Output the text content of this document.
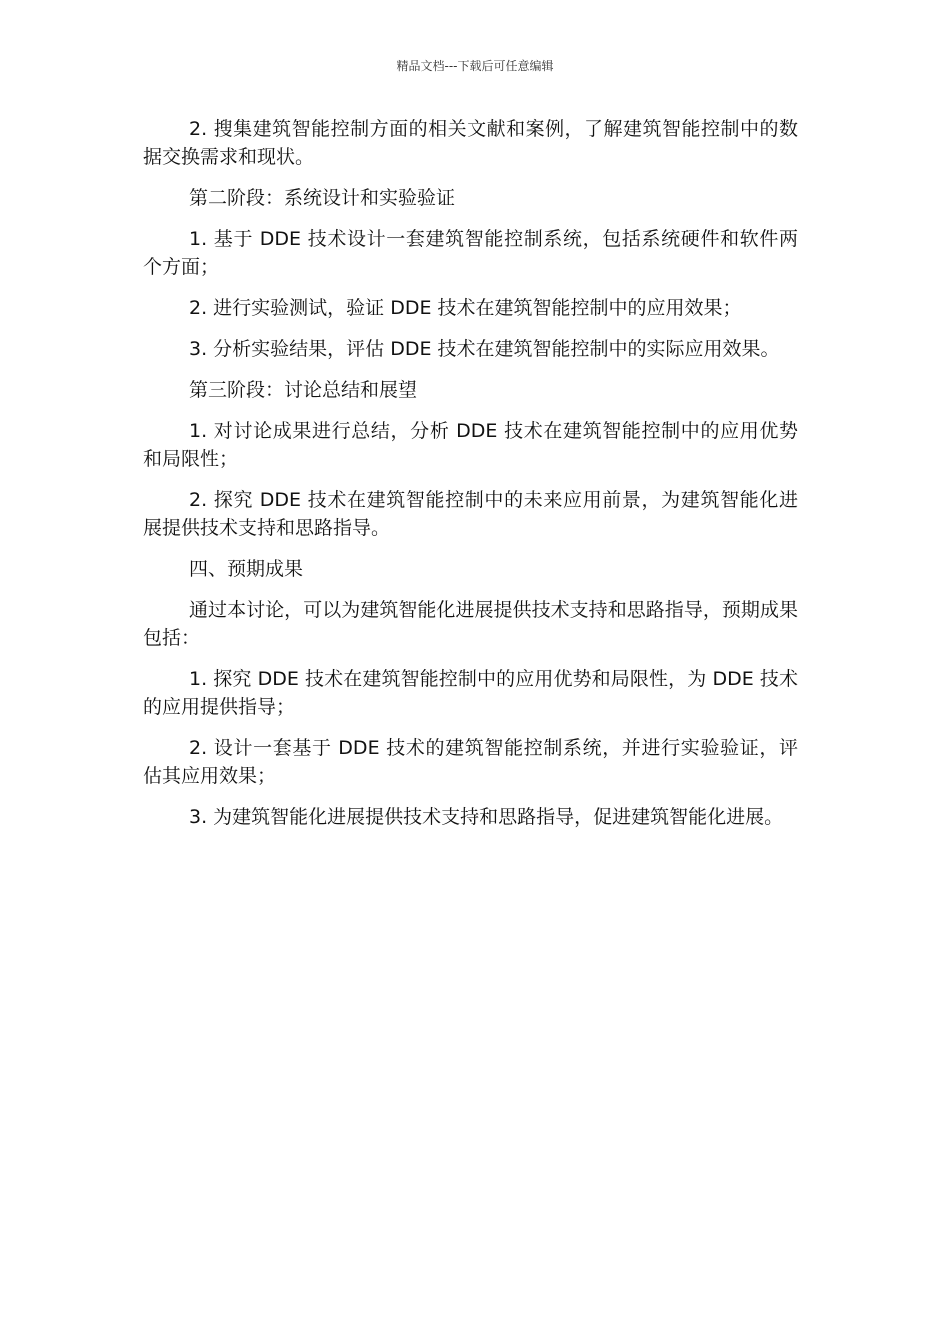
精品文档---下载后可任意编辑

2. 搜集建筑智能控制方面的相关文献和案例，了解建筑智能控制中的数据交换需求和现状。

第二阶段：系统设计和实验验证

1. 基于 DDE 技术设计一套建筑智能控制系统，包括系统硬件和软件两个方面；

2. 进行实验测试，验证 DDE 技术在建筑智能控制中的应用效果；

3. 分析实验结果，评估 DDE 技术在建筑智能控制中的实际应用效果。

第三阶段：讨论总结和展望

1. 对讨论成果进行总结，分析 DDE 技术在建筑智能控制中的应用优势和局限性；

2. 探究 DDE 技术在建筑智能控制中的未来应用前景，为建筑智能化进展提供技术支持和思路指导。

四、预期成果

通过本讨论，可以为建筑智能化进展提供技术支持和思路指导，预期成果包括：

1. 探究 DDE 技术在建筑智能控制中的应用优势和局限性，为 DDE 技术的应用提供指导；

2. 设计一套基于 DDE 技术的建筑智能控制系统，并进行实验验证，评估其应用效果；

3. 为建筑智能化进展提供技术支持和思路指导，促进建筑智能化进展。
